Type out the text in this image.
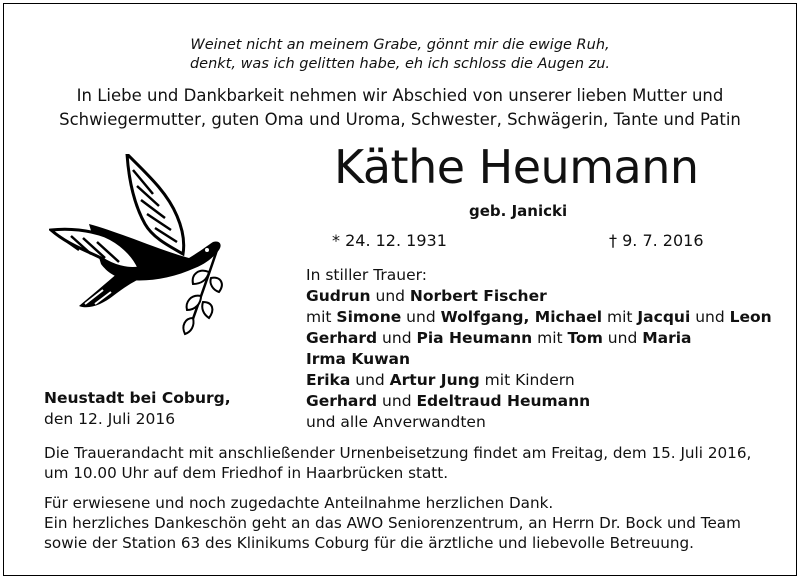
Weinet nicht an meinem Grabe, gönnt mir die ewige Ruh,
denkt, was ich gelitten habe, eh ich schloss die Augen zu.
In Liebe und Dankbarkeit nehmen wir Abschied von unserer lieben Mutter und
Schwiegermutter, guten Oma und Uroma, Schwester, Schwägerin, Tante und Patin
Käthe Heumann
geb. Janicki
* 24. 12. 1931	† 9. 7. 2016
In stiller Trauer:
Gudrun und Norbert Fischer
mit Simone und Wolfgang, Michael mit Jacqui und Leon
Gerhard und Pia Heumann mit Tom und Maria
Irma Kuwan
Erika und Artur Jung mit Kindern
Gerhard und Edeltraud Heumann
und alle Anverwandten
Neustadt bei Coburg,
den 12. Juli 2016
Die Trauerandacht mit anschließender Urnenbeisetzung findet am Freitag, dem 15. Juli 2016,
um 10.00 Uhr auf dem Friedhof in Haarbrücken statt.
Für erwiesene und noch zugedachte Anteilnahme herzlichen Dank.
Ein herzliches Dankeschön geht an das AWO Seniorenzentrum, an Herrn Dr. Bock und Team
sowie der Station 63 des Klinikums Coburg für die ärztliche und liebevolle Betreuung.
